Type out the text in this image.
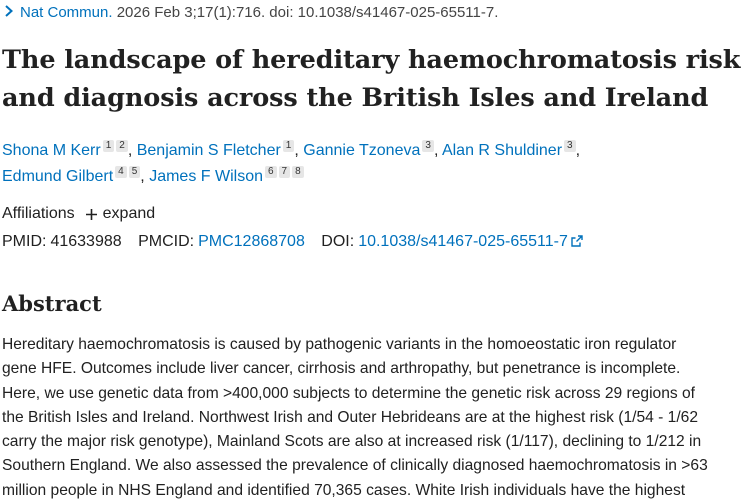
Nat Commun. 2026 Feb 3;17(1):716. doi: 10.1038/s41467-025-65511-7.
The landscape of hereditary haemochromatosis risk
and diagnosis across the British Isles and Ireland
Shona M Kerr 1 2 , Benjamin S Fletcher 1 , Gannie Tzoneva 3 , Alan R Shuldiner 3 ,
Edmund Gilbert 4 5 , James F Wilson 6 7 8
Affiliations expand
PMID: 41633988 PMCID: PMC12868708 DOI: 10.1038/s41467-025-65511-7
Abstract
Hereditary haemochromatosis is caused by pathogenic variants in the homoeostatic iron regulator
gene HFE. Outcomes include liver cancer, cirrhosis and arthropathy, but penetrance is incomplete.
Here, we use genetic data from >400,000 subjects to determine the genetic risk across 29 regions of
the British Isles and Ireland. Northwest Irish and Outer Hebrideans are at the highest risk (1/54 - 1/62
carry the major risk genotype), Mainland Scots are also at increased risk (1/117), declining to 1/212 in
Southern England. We also assessed the prevalence of clinically diagnosed haemochromatosis in >63
million people in NHS England and identified 70,365 cases. White Irish individuals have the highest
